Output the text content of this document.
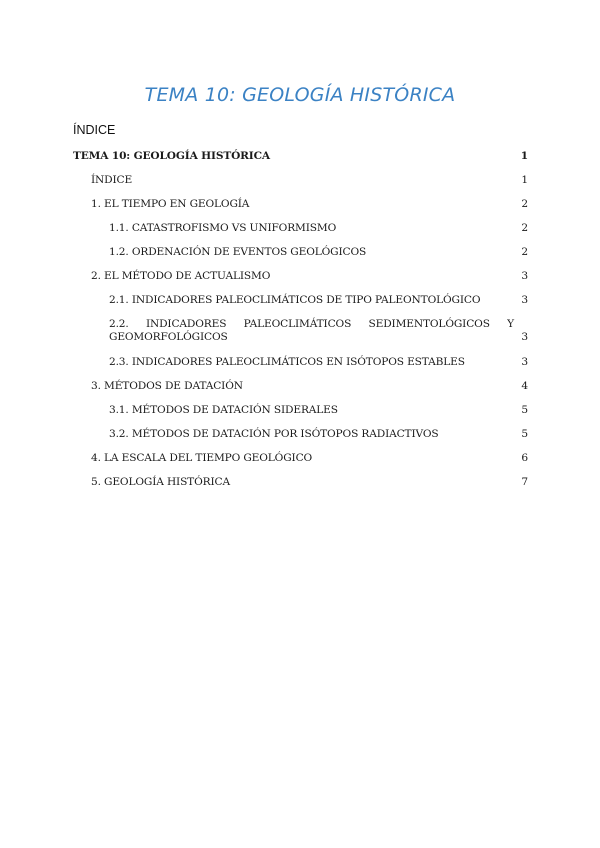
TEMA 10: GEOLOGÍA HISTÓRICA
ÍNDICE
TEMA 10: GEOLOGÍA HISTÓRICA	1
ÍNDICE	1
1. EL TIEMPO EN GEOLOGÍA	2
1.1. CATASTROFISMO VS UNIFORMISMO	2
1.2. ORDENACIÓN DE EVENTOS GEOLÓGICOS	2
2. EL MÉTODO DE ACTUALISMO	3
2.1. INDICADORES PALEOCLIMÁTICOS DE TIPO PALEONTOLÓGICO	3
2.2. INDICADORES PALEOCLIMÁTICOS SEDIMENTOLÓGICOS Y
GEOMORFOLÓGICOS	3
2.3. INDICADORES PALEOCLIMÁTICOS EN ISÓTOPOS ESTABLES	3
3. MÉTODOS DE DATACIÓN	4
3.1. MÉTODOS DE DATACIÓN SIDERALES	5
3.2. MÉTODOS DE DATACIÓN POR ISÓTOPOS RADIACTIVOS	5
4. LA ESCALA DEL TIEMPO GEOLÓGICO	6
5. GEOLOGÍA HISTÓRICA	7
